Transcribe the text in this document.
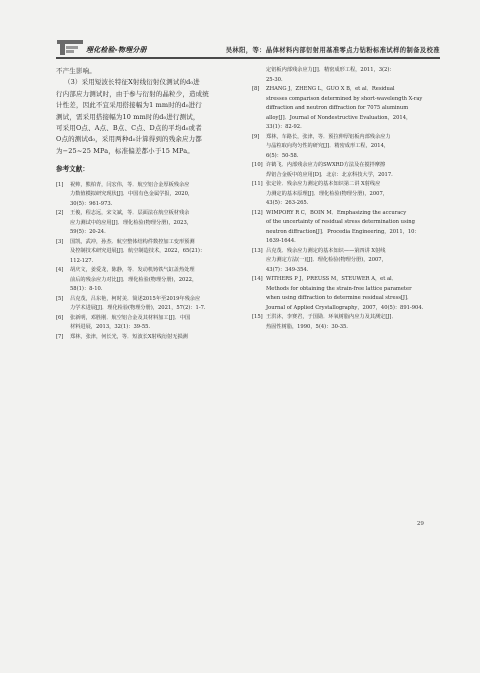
理化检验-物理分册	吴林阳，等：晶体材料内部衍射用基准零点力钻粉标准试样的制备及校准
不产生影响。
（3）采用短波长特征X射线衍射仪测试的d₀进
行内部应力测试时，由于参与衍射的晶粒少，造成统
计性差，因此不宜采用搭接幅为1 mm时的d₀进行
测试，需采用搭接幅为10 mm时的d₀进行测试，
可采用O点、A点、B点、C点、D点的平均d₀或者
O点的测试d₀，采用两种d₀计算得到的残余应力都
为−25~25 MPa，标准偏差都小于15 MPa。
参考文献：
[1]	祝帅，熊柏青，闫宏伟，等．航空铝合金厚板残余应
力数值模拟研究现状[J]．中国有色金属学报，2020，
30(5)：961-973.
[2]	王俊，程志远，宋文斌，等．层面法在航空板材残余
应力测试中的应用[J]．理化检验(物理分册)，2023，
59(5)：20-24.
[3]	国凯，武冲，孙杰．航空整体结构件数控加工变形预测
及控制技术研究进展[J]．航空制造技术，2022，65(21)：
112-127.
[4]	胡庆文，姜爱龙，陈静，等．发动机铸铁气缸盖热处理
前后的残余应力对比[J]．理化检验(物理分册)，2022，
58(1)：8-10.
[5]	吕克茂，吕东艳，柯时美．简述2015年至2019年残余应
力学术进展[J]．理化检验(物理分册)，2021，57(2)：1-7.
[6]	张新明，邓胜刚．航空铝合金及其材料加工[J]．中国
材料进展，2013，32(1)：39-55.
[7]	郑林，张津，何长光，等．短波长X射线衍射无损测
定铝板内部残余应力[J]．精密成形工程，2011，3(2)：
25-30.
[8]	ZHANG J，ZHENG L，GUO X B，et al．Residual
stresses comparison determined by short-wavelength X-ray
diffraction and neutron diffraction for 7075 aluminum
alloy[J]．Journal of Nondestructive Evaluation，2014，
33(1)：82-92.
[9]	郑林，车路长，张津，等．预拉伸厚铝板内部残余应力
与晶粒取向均匀性的研究[J]．精密成形工程，2014，
6(5)：50-58.
[10] 许鹤飞．内部残余应力的SWXRD方法及在搅拌摩擦
焊铝合金板中的应用[D]．北京：北京科技大学，2017.
[11] 张定铨．残余应力测定的基本知识第二讲 X射线应
力测定的基本原理[J]．理化检验(物理分册)，2007，
43(5)：263-265.
[12] WIMPORY R C，BOIN M．Emphasizing the accuracy
of the uncertainty of residual stress determination using
neutron diffraction[J]．Procedia Engineering，2011，10：
1639-1644.
[13] 吕克茂．残余应力测定的基本知识——第四讲 X射线
应力测定方法(一)[J]．理化检验(物理分册)，2007，
43(7)：349-354.
[14] WITHERS P J，PREUSS M，STEUWER A，et al．
Methods for obtaining the strain-free lattice parameter
when using diffraction to determine residual stress[J]．
Journal of Applied Crystallography，2007，40(5)：891-904.
[15] 王洪沐，李赛君，于国勋．环氧树脂内应力及其测定[J]．
热固性树脂，1990，5(4)：30-35.
29
